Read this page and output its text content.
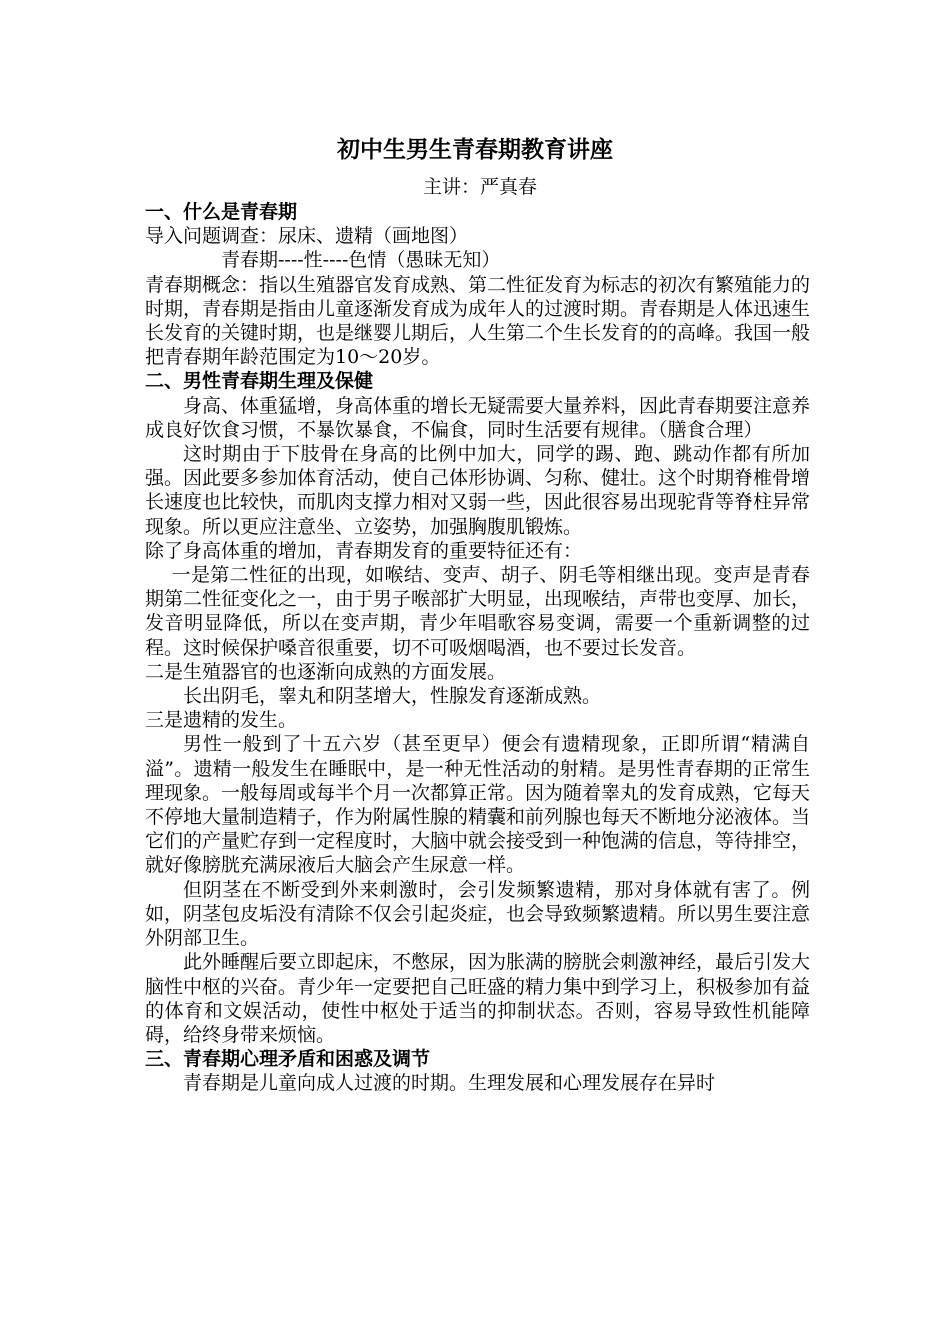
初中生男生青春期教育讲座
主讲：严真春

一、什么是青春期

导入问题调查：尿床、遗精（画地图）

青春期----性----色情（愚昧无知）

青春期概念：指以生殖器官发育成熟、第二性征发育为标志的初次有繁殖能力的时期，青春期是指由儿童逐渐发育成为成年人的过渡时期。青春期是人体迅速生长发育的关键时期，也是继婴儿期后，人生第二个生长发育的的高峰。我国一般把青春期年龄范围定为10～20岁。

二、男性青春期生理及保健

身高、体重猛增，身高体重的增长无疑需要大量养料，因此青春期要注意养成良好饮食习惯，不暴饮暴食，不偏食，同时生活要有规律。（膳食合理）

这时期由于下肢骨在身高的比例中加大，同学的踢、跑、跳动作都有所加强。因此要多参加体育活动，使自己体形协调、匀称、健壮。这个时期脊椎骨增长速度也比较快，而肌肉支撑力相对又弱一些，因此很容易出现驼背等脊柱异常现象。所以更应注意坐、立姿势，加强胸腹肌锻炼。

除了身高体重的增加，青春期发育的重要特征还有：

一是第二性征的出现，如喉结、变声、胡子、阴毛等相继出现。变声是青春期第二性征变化之一，由于男子喉部扩大明显，出现喉结，声带也变厚、加长，发音明显降低，所以在变声期，青少年唱歌容易变调，需要一个重新调整的过程。这时候保护嗓音很重要，切不可吸烟喝酒，也不要过长发音。

二是生殖器官的也逐渐向成熟的方面发展。

长出阴毛，睾丸和阴茎增大，性腺发育逐渐成熟。

三是遗精的发生。

男性一般到了十五六岁（甚至更早）便会有遗精现象，正即所谓“精满自溢”。遗精一般发生在睡眠中，是一种无性活动的射精。是男性青春期的正常生理现象。一般每周或每半个月一次都算正常。因为随着睾丸的发育成熟，它每天不停地大量制造精子，作为附属性腺的精囊和前列腺也每天不断地分泌液体。当它们的产量贮存到一定程度时，大脑中就会接受到一种饱满的信息，等待排空，就好像膀胱充满尿液后大脑会产生尿意一样。

但阴茎在不断受到外来刺激时，会引发频繁遗精，那对身体就有害了。例如，阴茎包皮垢没有清除不仅会引起炎症，也会导致频繁遗精。所以男生要注意外阴部卫生。

此外睡醒后要立即起床，不憋尿，因为胀满的膀胱会刺激神经，最后引发大脑性中枢的兴奋。青少年一定要把自己旺盛的精力集中到学习上，积极参加有益的体育和文娱活动，使性中枢处于适当的抑制状态。否则，容易导致性机能障碍，给终身带来烦恼。

三、青春期心理矛盾和困惑及调节

青春期是儿童向成人过渡的时期。生理发展和心理发展存在异时
